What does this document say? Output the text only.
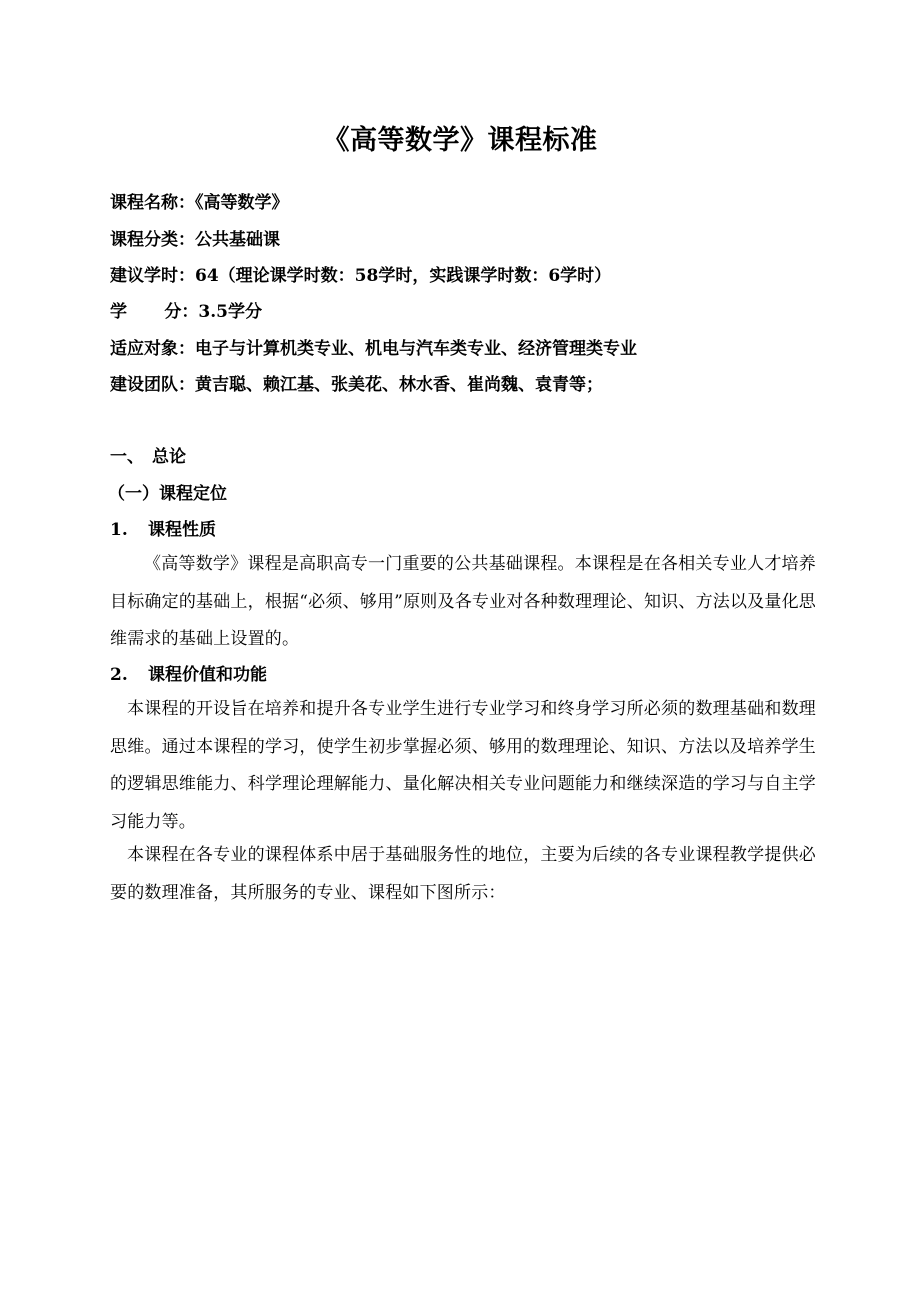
《高等数学》课程标准
课程名称：《高等数学》
课程分类：公共基础课
建议学时：64（理论课学时数：58学时，实践课学时数：6学时）
学分：3.5学分
适应对象：电子与计算机类专业、机电与汽车类专业、经济管理类专业
建设团队：黄吉聪、赖江基、张美花、林水香、崔尚魏、袁青等；
一、 总论
（一）课程定位
1. 课程性质
《高等数学》课程是高职高专一门重要的公共基础课程。本课程是在各相关专业人才培养目标确定的基础上，根据“必须、够用”原则及各专业对各种数理理论、知识、方法以及量化思维需求的基础上设置的。
2. 课程价值和功能
本课程的开设旨在培养和提升各专业学生进行专业学习和终身学习所必须的数理基础和数理思维。通过本课程的学习，使学生初步掌握必须、够用的数理理论、知识、方法以及培养学生的逻辑思维能力、科学理论理解能力、量化解决相关专业问题能力和继续深造的学习与自主学习能力等。
本课程在各专业的课程体系中居于基础服务性的地位，主要为后续的各专业课程教学提供必要的数理准备，其所服务的专业、课程如下图所示：
